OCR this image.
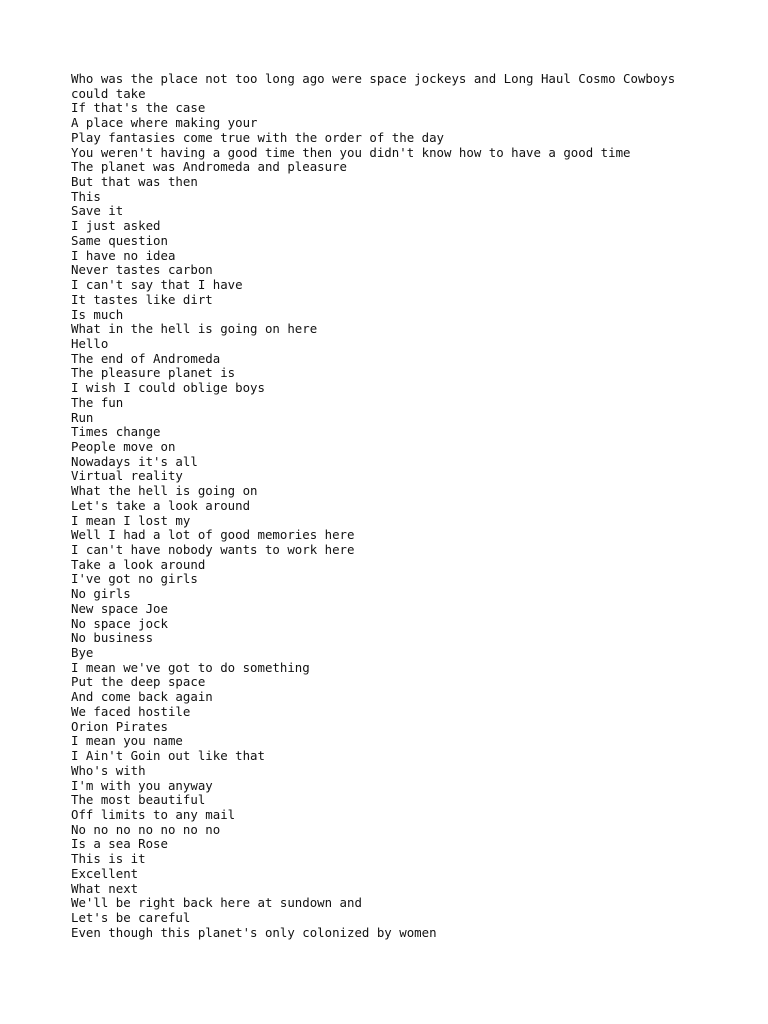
Who was the place not too long ago were space jockeys and Long Haul Cosmo Cowboys
could take
If that's the case
A place where making your
Play fantasies come true with the order of the day
You weren't having a good time then you didn't know how to have a good time
The planet was Andromeda and pleasure
But that was then
This
Save it
I just asked
Same question
I have no idea
Never tastes carbon
I can't say that I have
It tastes like dirt
Is much
What in the hell is going on here
Hello
The end of Andromeda
The pleasure planet is
I wish I could oblige boys
The fun
Run
Times change
People move on
Nowadays it's all
Virtual reality
What the hell is going on
Let's take a look around
I mean I lost my
Well I had a lot of good memories here
I can't have nobody wants to work here
Take a look around
I've got no girls
No girls
New space Joe
No space jock
No business
Bye
I mean we've got to do something
Put the deep space
And come back again
We faced hostile
Orion Pirates
I mean you name
I Ain't Goin out like that
Who's with
I'm with you anyway
The most beautiful
Off limits to any mail
No no no no no no no
Is a sea Rose
This is it
Excellent
What next
We'll be right back here at sundown and
Let's be careful
Even though this planet's only colonized by women
